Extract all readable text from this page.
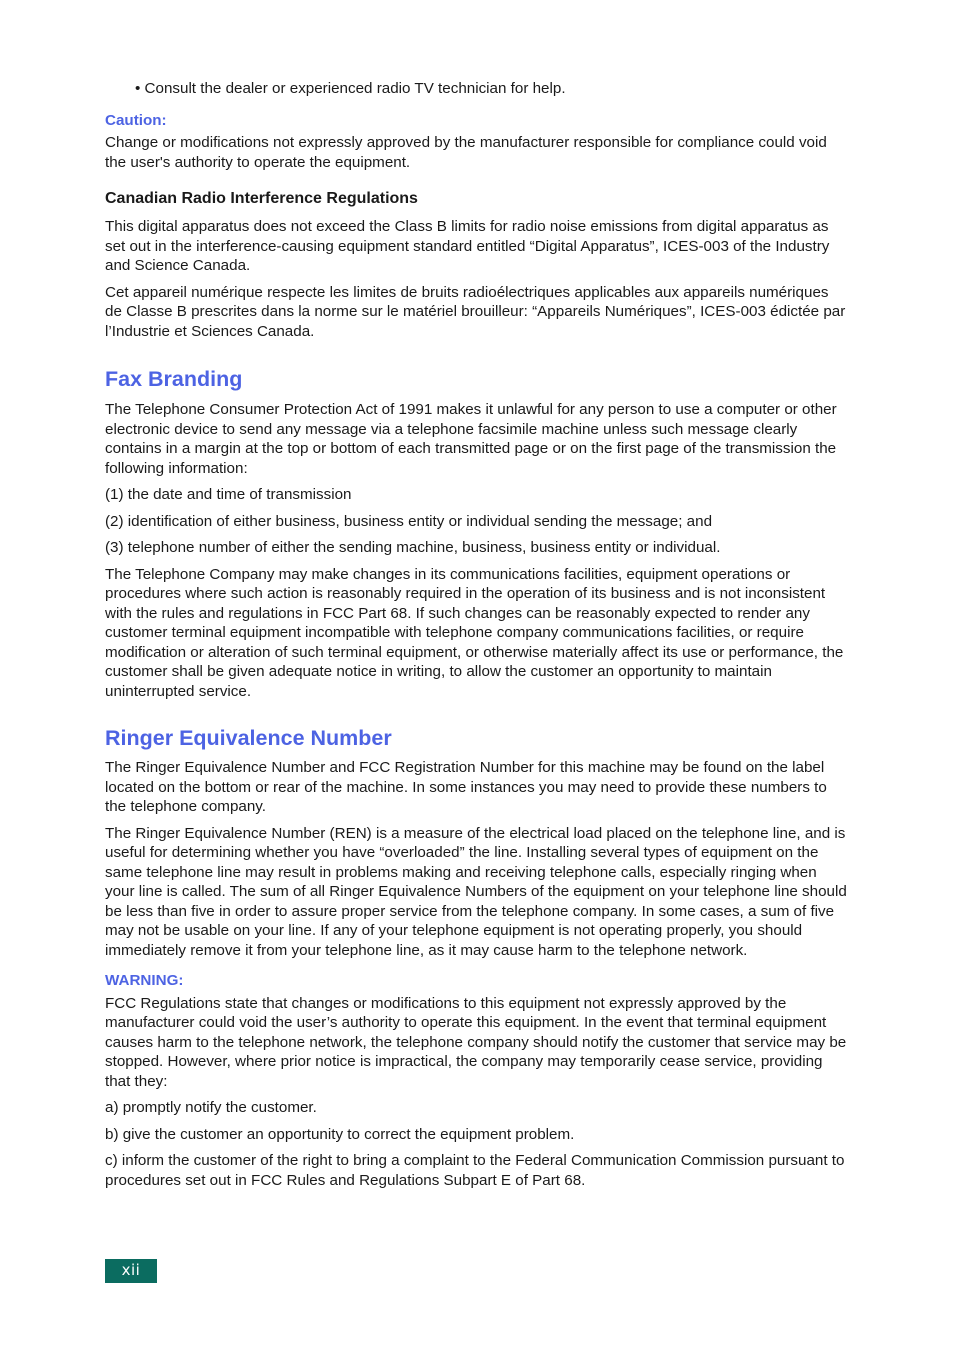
• Consult the dealer or experienced radio TV technician for help.

Caution:

Change or modifications not expressly approved by the manufacturer responsible for compliance could void the user's authority to operate the equipment.

Canadian Radio Interference Regulations

This digital apparatus does not exceed the Class B limits for radio noise emissions from digital apparatus as set out in the interference-causing equipment standard entitled “Digital Apparatus”, ICES-003 of the Industry and Science Canada.

Cet appareil numérique respecte les limites de bruits radioélectriques applicables aux appareils numériques de Classe B prescrites dans la norme sur le matériel brouilleur: “Appareils Numériques”, ICES-003 édictée par l’Industrie et Sciences Canada.

Fax Branding

The Telephone Consumer Protection Act of 1991 makes it unlawful for any person to use a computer or other electronic device to send any message via a telephone facsimile machine unless such message clearly contains in a margin at the top or bottom of each transmitted page or on the first page of the transmission the following information:

(1) the date and time of transmission

(2) identification of either business, business entity or individual sending the message; and

(3) telephone number of either the sending machine, business, business entity or individual.

The Telephone Company may make changes in its communications facilities, equipment operations or procedures where such action is reasonably required in the operation of its business and is not inconsistent with the rules and regulations in FCC Part 68. If such changes can be reasonably expected to render any customer terminal equipment incompatible with telephone company communications facilities, or require modification or alteration of such terminal equipment, or otherwise materially affect its use or performance, the customer shall be given adequate notice in writing, to allow the customer an opportunity to maintain uninterrupted service.

Ringer Equivalence Number

The Ringer Equivalence Number and FCC Registration Number for this machine may be found on the label located on the bottom or rear of the machine. In some instances you may need to provide these numbers to the telephone company.

The Ringer Equivalence Number (REN) is a measure of the electrical load placed on the telephone line, and is useful for determining whether you have “overloaded” the line. Installing several types of equipment on the same telephone line may result in problems making and receiving telephone calls, especially ringing when your line is called. The sum of all Ringer Equivalence Numbers of the equipment on your telephone line should be less than five in order to assure proper service from the telephone company. In some cases, a sum of five may not be usable on your line. If any of your telephone equipment is not operating properly, you should immediately remove it from your telephone line, as it may cause harm to the telephone network.

WARNING:

FCC Regulations state that changes or modifications to this equipment not expressly approved by the manufacturer could void the user’s authority to operate this equipment. In the event that terminal equipment causes harm to the telephone network, the telephone company should notify the customer that service may be stopped. However, where prior notice is impractical, the company may temporarily cease service, providing that they:

a) promptly notify the customer.

b) give the customer an opportunity to correct the equipment problem.

c) inform the customer of the right to bring a complaint to the Federal Communication Commission pursuant to procedures set out in FCC Rules and Regulations Subpart E of Part 68.

xii
